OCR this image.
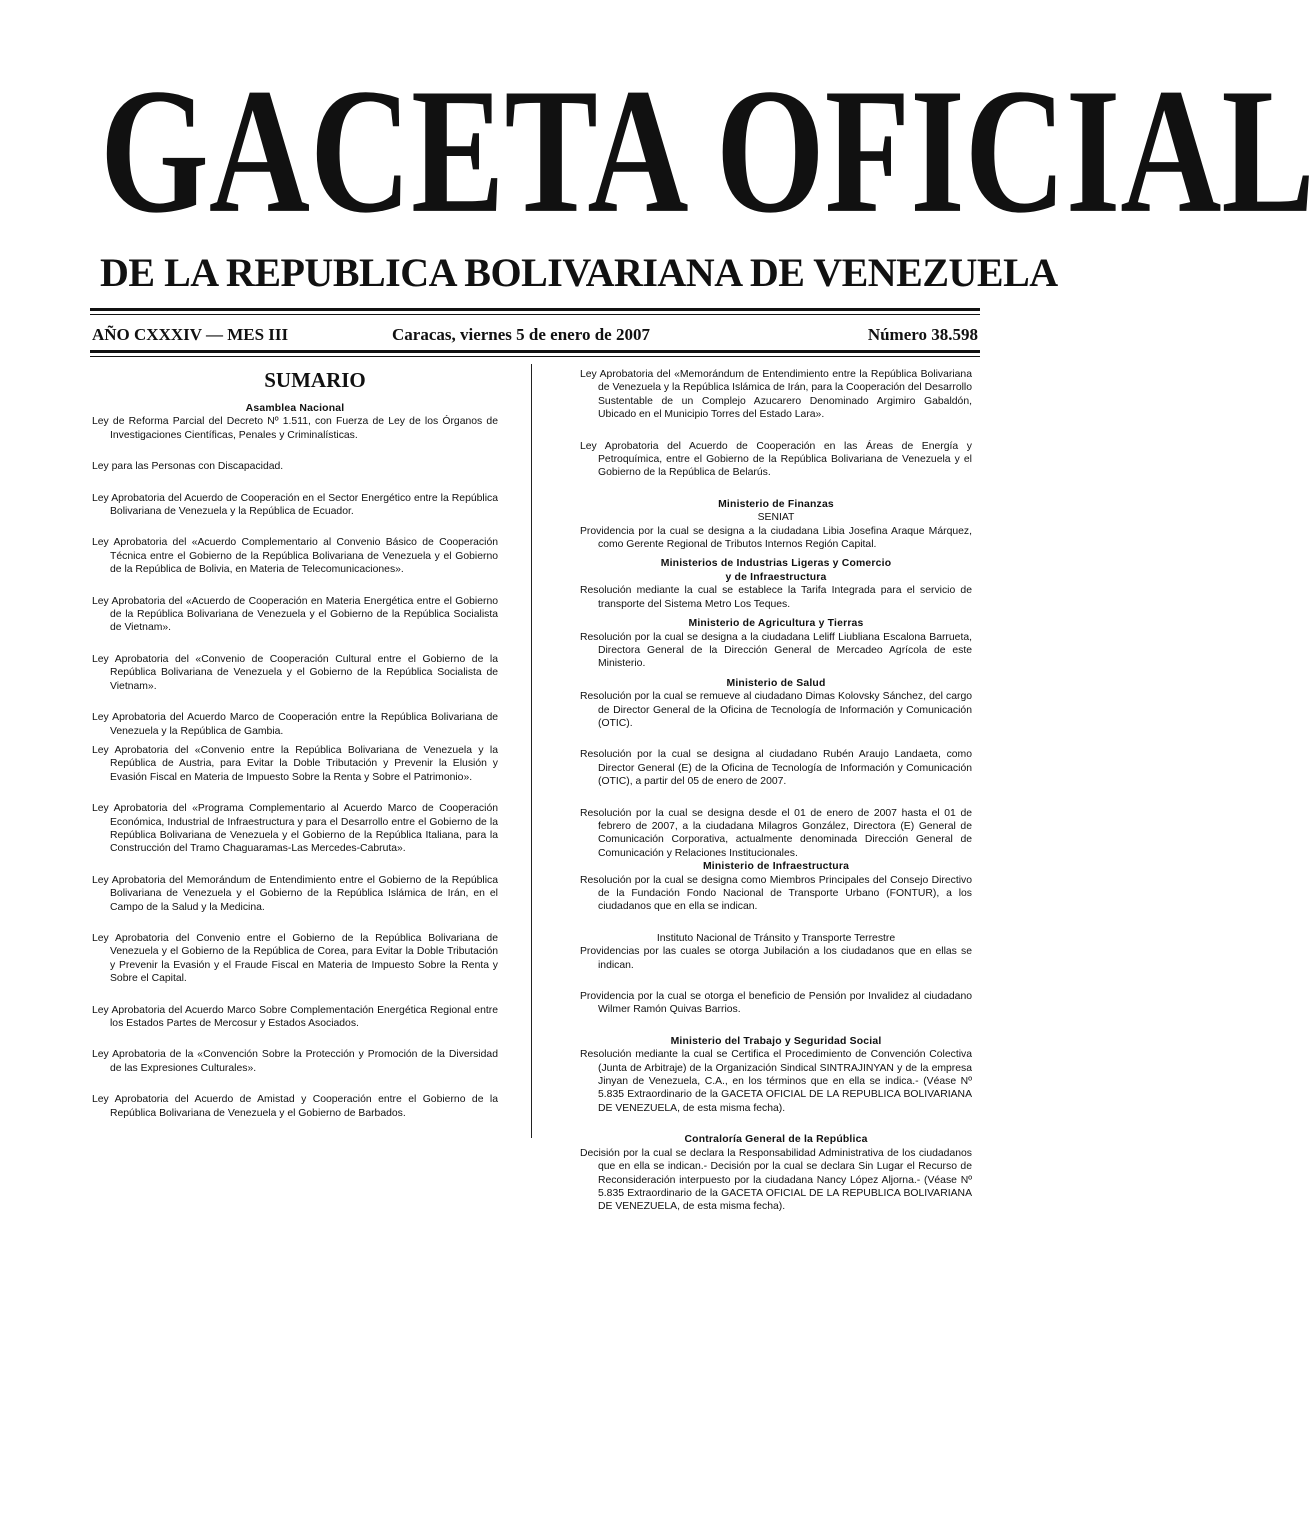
GACETA OFICIAL
DE LA REPUBLICA BOLIVARIANA DE VENEZUELA
AÑO CXXXIV — MES III	Caracas, viernes 5 de enero de 2007	Número 38.598
SUMARIO

Asamblea Nacional

Ley de Reforma Parcial del Decreto Nº 1.511, con Fuerza de Ley de los Órganos de Investigaciones Científicas, Penales y Criminalísticas.

Ley para las Personas con Discapacidad.

Ley Aprobatoria del Acuerdo de Cooperación en el Sector Energético entre la República Bolivariana de Venezuela y la República de Ecuador.

Ley Aprobatoria del «Acuerdo Complementario al Convenio Básico de Cooperación Técnica entre el Gobierno de la República Bolivariana de Venezuela y el Gobierno de la República de Bolivia, en Materia de Telecomunicaciones».

Ley Aprobatoria del «Acuerdo de Cooperación en Materia Energética entre el Gobierno de la República Bolivariana de Venezuela y el Gobierno de la República Socialista de Vietnam».

Ley Aprobatoria del «Convenio de Cooperación Cultural entre el Gobierno de la República Bolivariana de Venezuela y el Gobierno de la República Socialista de Vietnam».

Ley Aprobatoria del Acuerdo Marco de Cooperación entre la República Bolivariana de Venezuela y la República de Gambia.

Ley Aprobatoria del «Convenio entre la República Bolivariana de Venezuela y la República de Austria, para Evitar la Doble Tributación y Prevenir la Elusión y Evasión Fiscal en Materia de Impuesto Sobre la Renta y Sobre el Patrimonio».

Ley Aprobatoria del «Programa Complementario al Acuerdo Marco de Cooperación Económica, Industrial de Infraestructura y para el Desarrollo entre el Gobierno de la República Bolivariana de Venezuela y el Gobierno de la República Italiana, para la Construcción del Tramo Chaguaramas-Las Mercedes-Cabruta».

Ley Aprobatoria del Memorándum de Entendimiento entre el Gobierno de la República Bolivariana de Venezuela y el Gobierno de la República Islámica de Irán, en el Campo de la Salud y la Medicina.

Ley Aprobatoria del Convenio entre el Gobierno de la República Bolivariana de Venezuela y el Gobierno de la República de Corea, para Evitar la Doble Tributación y Prevenir la Evasión y el Fraude Fiscal en Materia de Impuesto Sobre la Renta y Sobre el Capital.

Ley Aprobatoria del Acuerdo Marco Sobre Complementación Energética Regional entre los Estados Partes de Mercosur y Estados Asociados.

Ley Aprobatoria de la «Convención Sobre la Protección y Promoción de la Diversidad de las Expresiones Culturales».

Ley Aprobatoria del Acuerdo de Amistad y Cooperación entre el Gobierno de la República Bolivariana de Venezuela y el Gobierno de Barbados.

Ley Aprobatoria del «Memorándum de Entendimiento entre la República Bolivariana de Venezuela y la República Islámica de Irán, para la Cooperación del Desarrollo Sustentable de un Complejo Azucarero Denominado Argimiro Gabaldón, Ubicado en el Municipio Torres del Estado Lara».

Ley Aprobatoria del Acuerdo de Cooperación en las Áreas de Energía y Petroquímica, entre el Gobierno de la República Bolivariana de Venezuela y el Gobierno de la República de Belarús.

Ministerio de Finanzas

SENIAT

Providencia por la cual se designa a la ciudadana Libia Josefina Araque Márquez, como Gerente Regional de Tributos Internos Región Capital.

Ministerios de Industrias Ligeras y Comercio

y de Infraestructura

Resolución mediante la cual se establece la Tarifa Integrada para el servicio de transporte del Sistema Metro Los Teques.

Ministerio de Agricultura y Tierras

Resolución por la cual se designa a la ciudadana Leliff Liubliana Escalona Barrueta, Directora General de la Dirección General de Mercadeo Agrícola de este Ministerio.

Ministerio de Salud

Resolución por la cual se remueve al ciudadano Dimas Kolovsky Sánchez, del cargo de Director General de la Oficina de Tecnología de Información y Comunicación (OTIC).

Resolución por la cual se designa al ciudadano Rubén Araujo Landaeta, como Director General (E) de la Oficina de Tecnología de Información y Comunicación (OTIC), a partir del 05 de enero de 2007.

Resolución por la cual se designa desde el 01 de enero de 2007 hasta el 01 de febrero de 2007, a la ciudadana Milagros González, Directora (E) General de Comunicación Corporativa, actualmente denominada Dirección General de Comunicación y Relaciones Institucionales.

Ministerio de Infraestructura

Resolución por la cual se designa como Miembros Principales del Consejo Directivo de la Fundación Fondo Nacional de Transporte Urbano (FONTUR), a los ciudadanos que en ella se indican.

Instituto Nacional de Tránsito y Transporte Terrestre

Providencias por las cuales se otorga Jubilación a los ciudadanos que en ellas se indican.

Providencia por la cual se otorga el beneficio de Pensión por Invalidez al ciudadano Wilmer Ramón Quivas Barrios.

Ministerio del Trabajo y Seguridad Social

Resolución mediante la cual se Certifica el Procedimiento de Convención Colectiva (Junta de Arbitraje) de la Organización Sindical SINTRAJINYAN y de la empresa Jinyan de Venezuela, C.A., en los términos que en ella se indica.- (Véase Nº 5.835 Extraordinario de la GACETA OFICIAL DE LA REPUBLICA BOLIVARIANA DE VENEZUELA, de esta misma fecha).

Contraloría General de la República

Decisión por la cual se declara la Responsabilidad Administrativa de los ciudadanos que en ella se indican.- Decisión por la cual se declara Sin Lugar el Recurso de Reconsideración interpuesto por la ciudadana Nancy López Aljorna.- (Véase Nº 5.835 Extraordinario de la GACETA OFICIAL DE LA REPUBLICA BOLIVARIANA DE VENEZUELA, de esta misma fecha).
